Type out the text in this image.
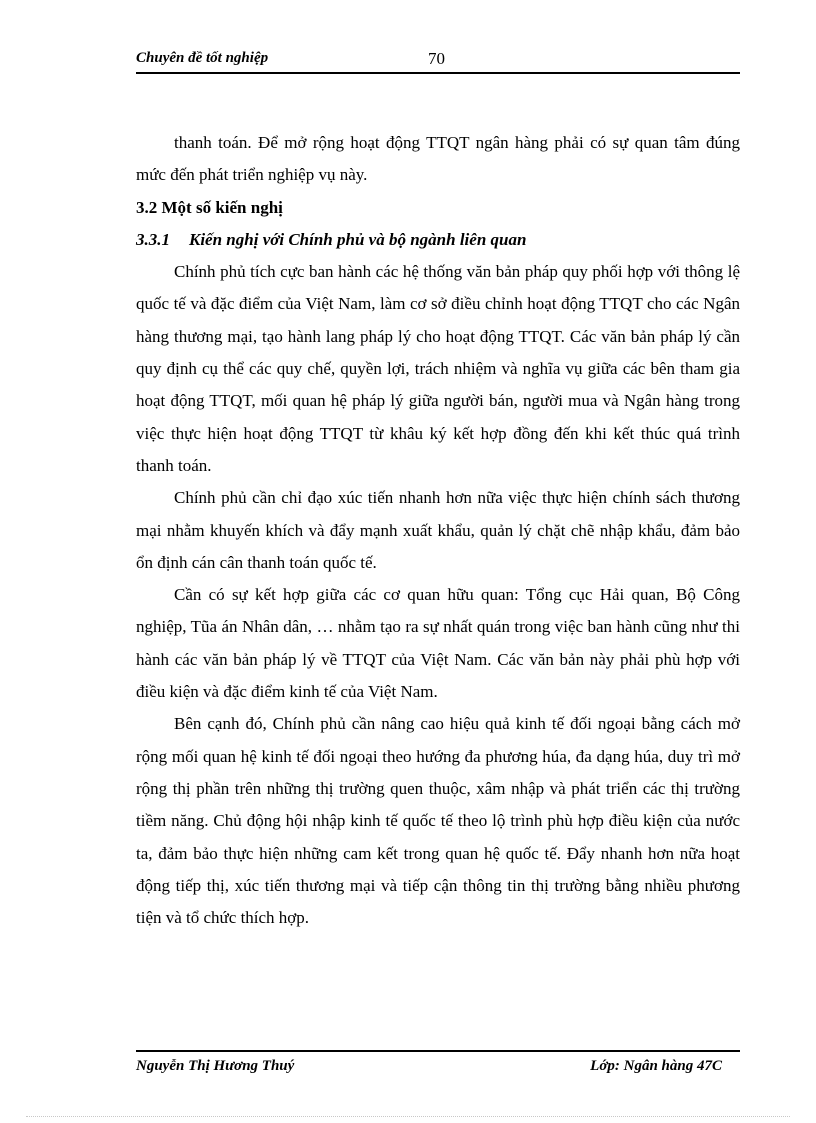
Chuyên đề tốt nghiệp	70

thanh toán. Để mở rộng hoạt động TTQT ngân hàng phải có sự quan tâm đúng mức đến phát triển nghiệp vụ này.

3.2 Một số kiến nghị
3.3.1 Kiến nghị với Chính phủ và bộ ngành liên quan

Chính phủ tích cực ban hành các hệ thống văn bản pháp quy phối hợp với thông lệ quốc tế và đặc điểm của Việt Nam, làm cơ sở điều chỉnh hoạt động TTQT cho các Ngân hàng thương mại, tạo hành lang pháp lý cho hoạt động TTQT. Các văn bản pháp lý cần quy định cụ thể các quy chế, quyền lợi, trách nhiệm và nghĩa vụ giữa các bên tham gia hoạt động TTQT, mối quan hệ pháp lý giữa người bán, người mua và Ngân hàng trong việc thực hiện hoạt động TTQT từ khâu ký kết hợp đồng đến khi kết thúc quá trình thanh toán.

Chính phủ cần chỉ đạo xúc tiến nhanh hơn nữa việc thực hiện chính sách thương mại nhằm khuyến khích và đẩy mạnh xuất khẩu, quản lý chặt chẽ nhập khẩu, đảm bảo ổn định cán cân thanh toán quốc tế.

Cần có sự kết hợp giữa các cơ quan hữu quan: Tổng cục Hải quan, Bộ Công nghiệp, Tũa án Nhân dân, … nhằm tạo ra sự nhất quán trong việc ban hành cũng như thi hành các văn bản pháp lý về TTQT của Việt Nam. Các văn bản này phải phù hợp với điều kiện và đặc điểm kinh tế của Việt Nam.

Bên cạnh đó, Chính phủ cần nâng cao hiệu quả kinh tế đối ngoại bằng cách mở rộng mối quan hệ kinh tế đối ngoại theo hướng đa phương húa, đa dạng húa, duy trì mở rộng thị phần trên những thị trường quen thuộc, xâm nhập và phát triển các thị trường tiềm năng. Chủ động hội nhập kinh tế quốc tế theo lộ trình phù hợp điều kiện của nước ta, đảm bảo thực hiện những cam kết trong quan hệ quốc tế. Đẩy nhanh hơn nữa hoạt động tiếp thị, xúc tiến thương mại và tiếp cận thông tin thị trường bằng nhiều phương tiện và tổ chức thích hợp.

Nguyễn Thị Hương Thuý	Lớp: Ngân hàng 47C
